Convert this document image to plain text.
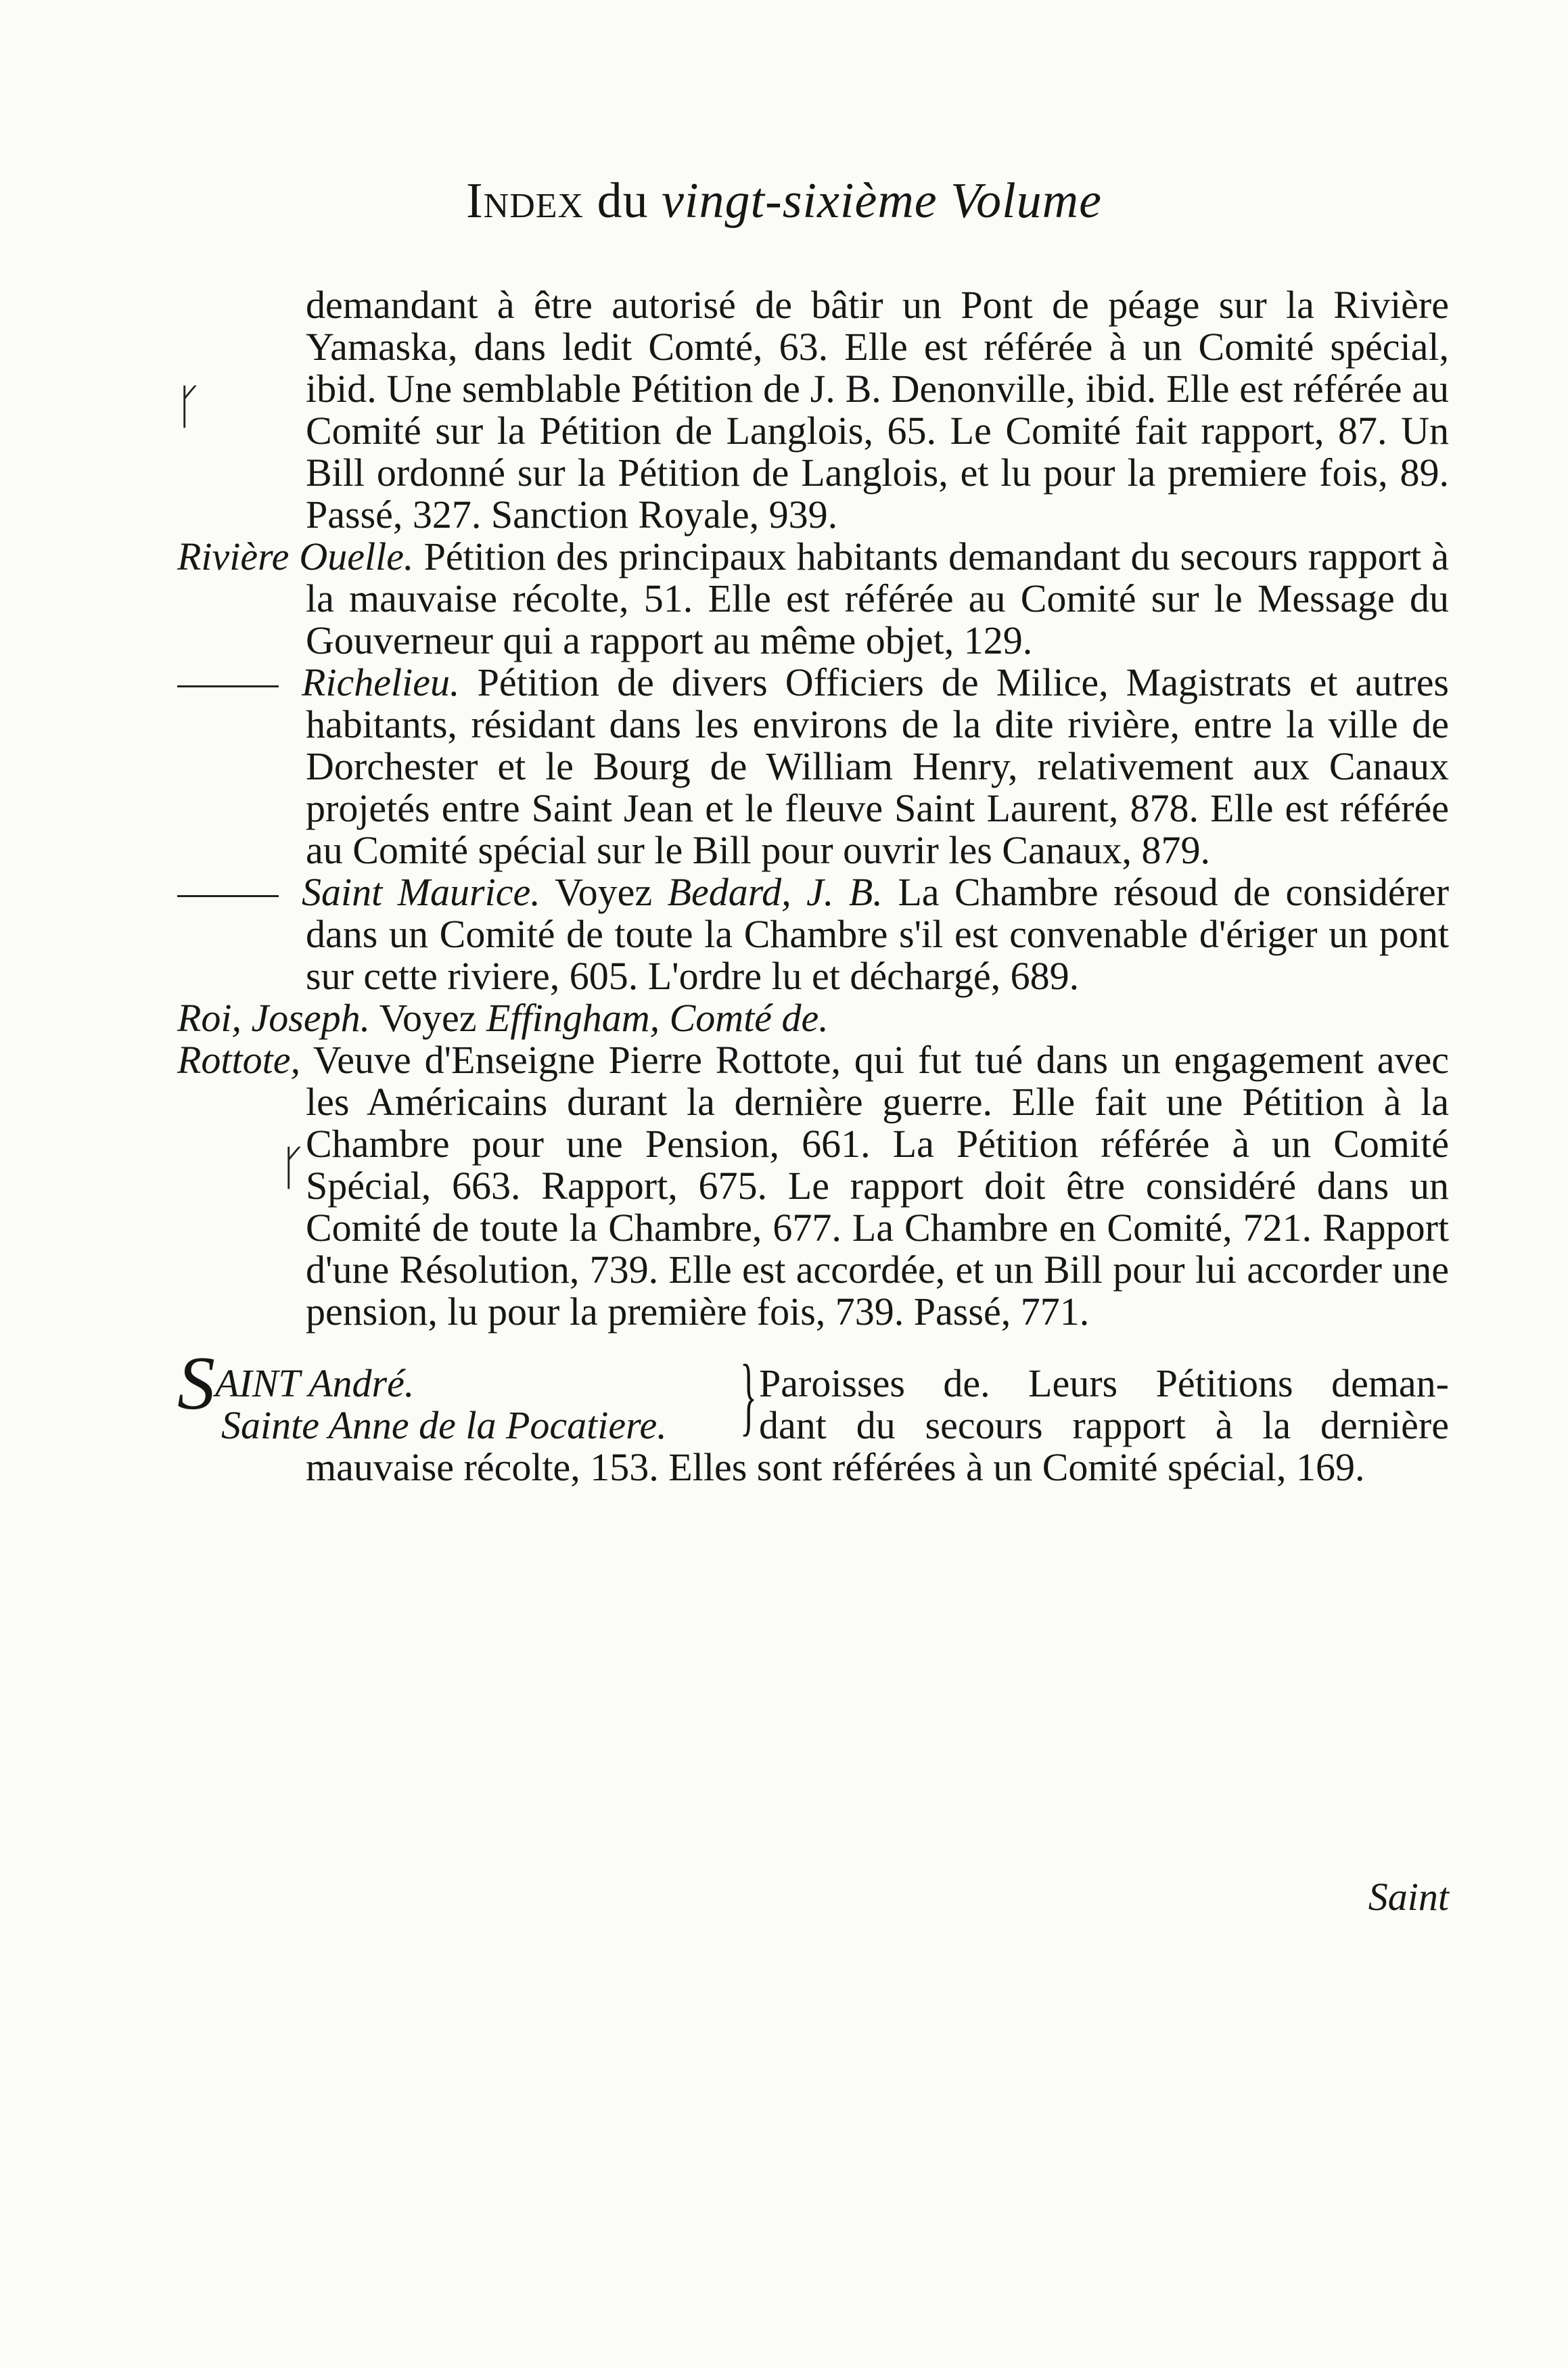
Index du vingt-sixième Volume

demandant à être autorisé de bâtir un Pont de péage sur la Rivière Yamaska, dans ledit Comté, 63. Elle est référée à un Comité spécial, ibid. Une semblable Pétition de J. B. Denonville, ibid. Elle est référée au Comité sur la Pétition de Langlois, 65. Le Comité fait rapport, 87. Un Bill ordonné sur la Pétition de Langlois, et lu pour la premiere fois, 89. Passé, 327. Sanction Royale, 939.

Rivière Ouelle. Pétition des principaux habitants demandant du secours rapport à la mauvaise récolte, 51. Elle est référée au Comité sur le Message du Gouverneur qui a rapport au même objet, 129.

Richelieu. Pétition de divers Officiers de Milice, Magistrats et autres habitants, résidant dans les environs de la dite rivière, entre la ville de Dorchester et le Bourg de William Henry, relativement aux Canaux projetés entre Saint Jean et le fleuve Saint Laurent, 878. Elle est référée au Comité spécial sur le Bill pour ouvrir les Canaux, 879.

Saint Maurice. Voyez Bedard, J. B. La Chambre résoud de considérer dans un Comité de toute la Chambre s'il est convenable d'ériger un pont sur cette riviere, 605. L'ordre lu et déchargé, 689.

Roi, Joseph. Voyez Effingham, Comté de.

Rottote, Veuve d'Enseigne Pierre Rottote, qui fut tué dans un engagement avec les Américains durant la dernière guerre. Elle fait une Pétition à la Chambre pour une Pension, 661. La Pétition référée à un Comité Spécial, 663. Rapport, 675. Le rapport doit être considéré dans un Comité de toute la Chambre, 677. La Chambre en Comité, 721. Rapport d'une Résolution, 739. Elle est accordée, et un Bill pour lui accorder une pension, lu pour la première fois, 739. Passé, 771.

SAINT André.
Sainte Anne de la Pocatiere. } Paroisses de. Leurs Pétitions deman-
dant du secours rapport à la dernière
mauvaise récolte, 153. Elles sont référées à un Comité spécial, 169.
Saint
ᚴ
ᚴ
